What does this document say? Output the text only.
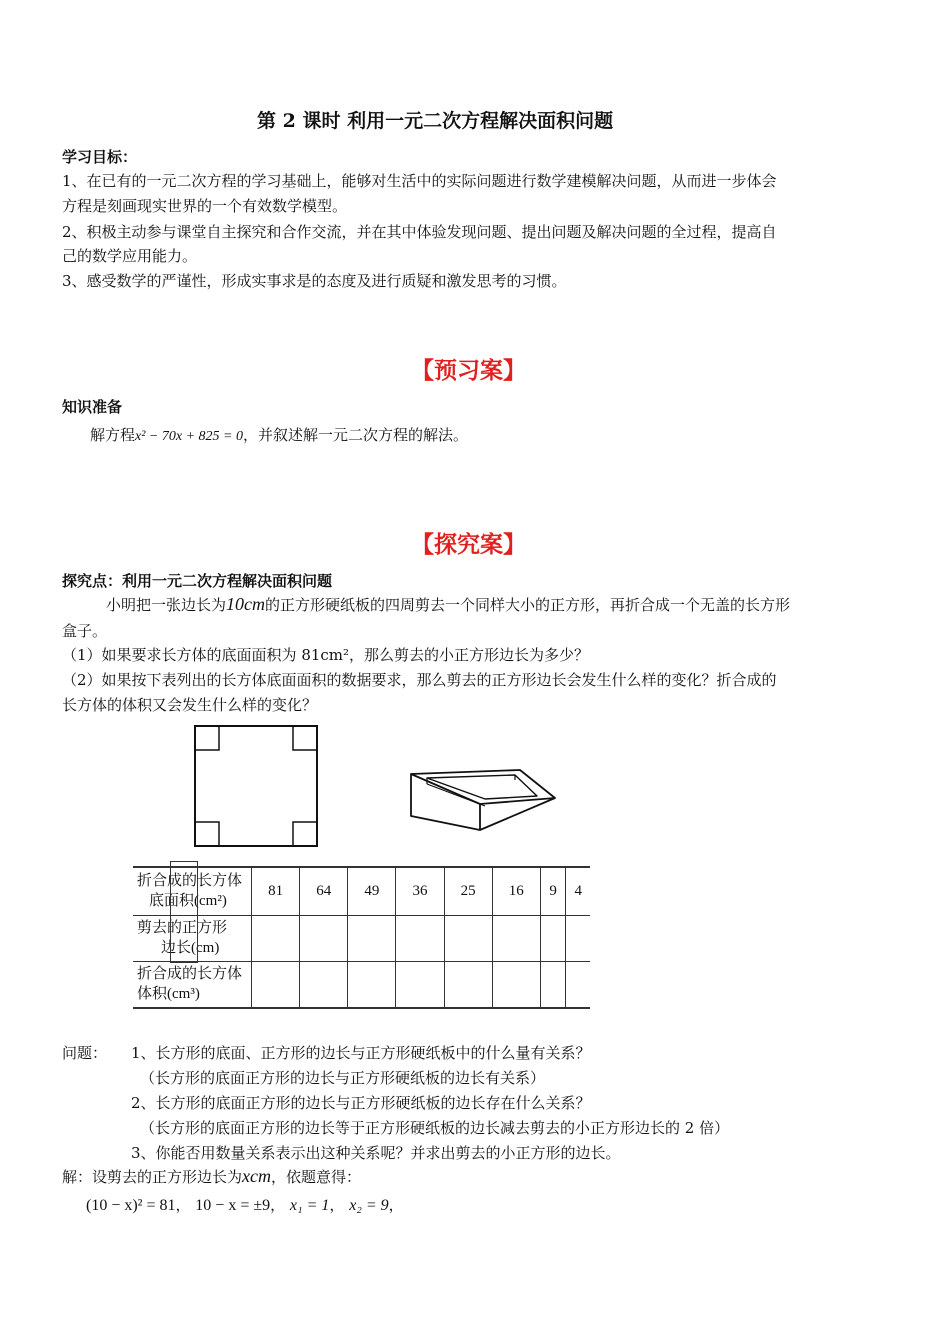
第 2 课时 利用一元二次方程解决面积问题
学习目标：
1、在已有的一元二次方程的学习基础上，能够对生活中的实际问题进行数学建模解决问题，从而进一步体会
方程是刻画现实世界的一个有效数学模型。
2、积极主动参与课堂自主探究和合作交流，并在其中体验发现问题、提出问题及解决问题的全过程，提高自
己的数学应用能力。
3、感受数学的严谨性，形成实事求是的态度及进行质疑和激发思考的习惯。
【预习案】
知识准备
解方程x² − 70x + 825 = 0，并叙述解一元二次方程的解法。
【探究案】
探究点：利用一元二次方程解决面积问题
小明把一张边长为10cm的正方形硬纸板的四周剪去一个同样大小的正方形，再折合成一个无盖的长方形
盒子。
（1）如果要求长方体的底面面积为 81cm²，那么剪去的小正方形边长为多少？
（2）如果按下表列出的长方体底面面积的数据要求，那么剪去的正方形边长会发生什么样的变化？折合成的
长方体的体积又会发生什么样的变化？
折合成的长方体
底面积(cm²)	81	64	49	36	25	16	9	4

剪去的正方形
边长(cm)								

折合成的长方体
体积(cm³)								

问题： 1、长方形的底面、正方形的边长与正方形硬纸板中的什么量有关系？
（长方形的底面正方形的边长与正方形硬纸板的边长有关系）
2、长方形的底面正方形的边长与正方形硬纸板的边长存在什么关系？
（长方形的底面正方形的边长等于正方形硬纸板的边长减去剪去的小正方形边长的 2 倍）
3、你能否用数量关系表示出这种关系呢？并求出剪去的小正方形的边长。
解：设剪去的正方形边长为xcm，依题意得：
(10 − x)² = 81， 10 − x = ±9， x₁ = 1， x₂ = 9，
